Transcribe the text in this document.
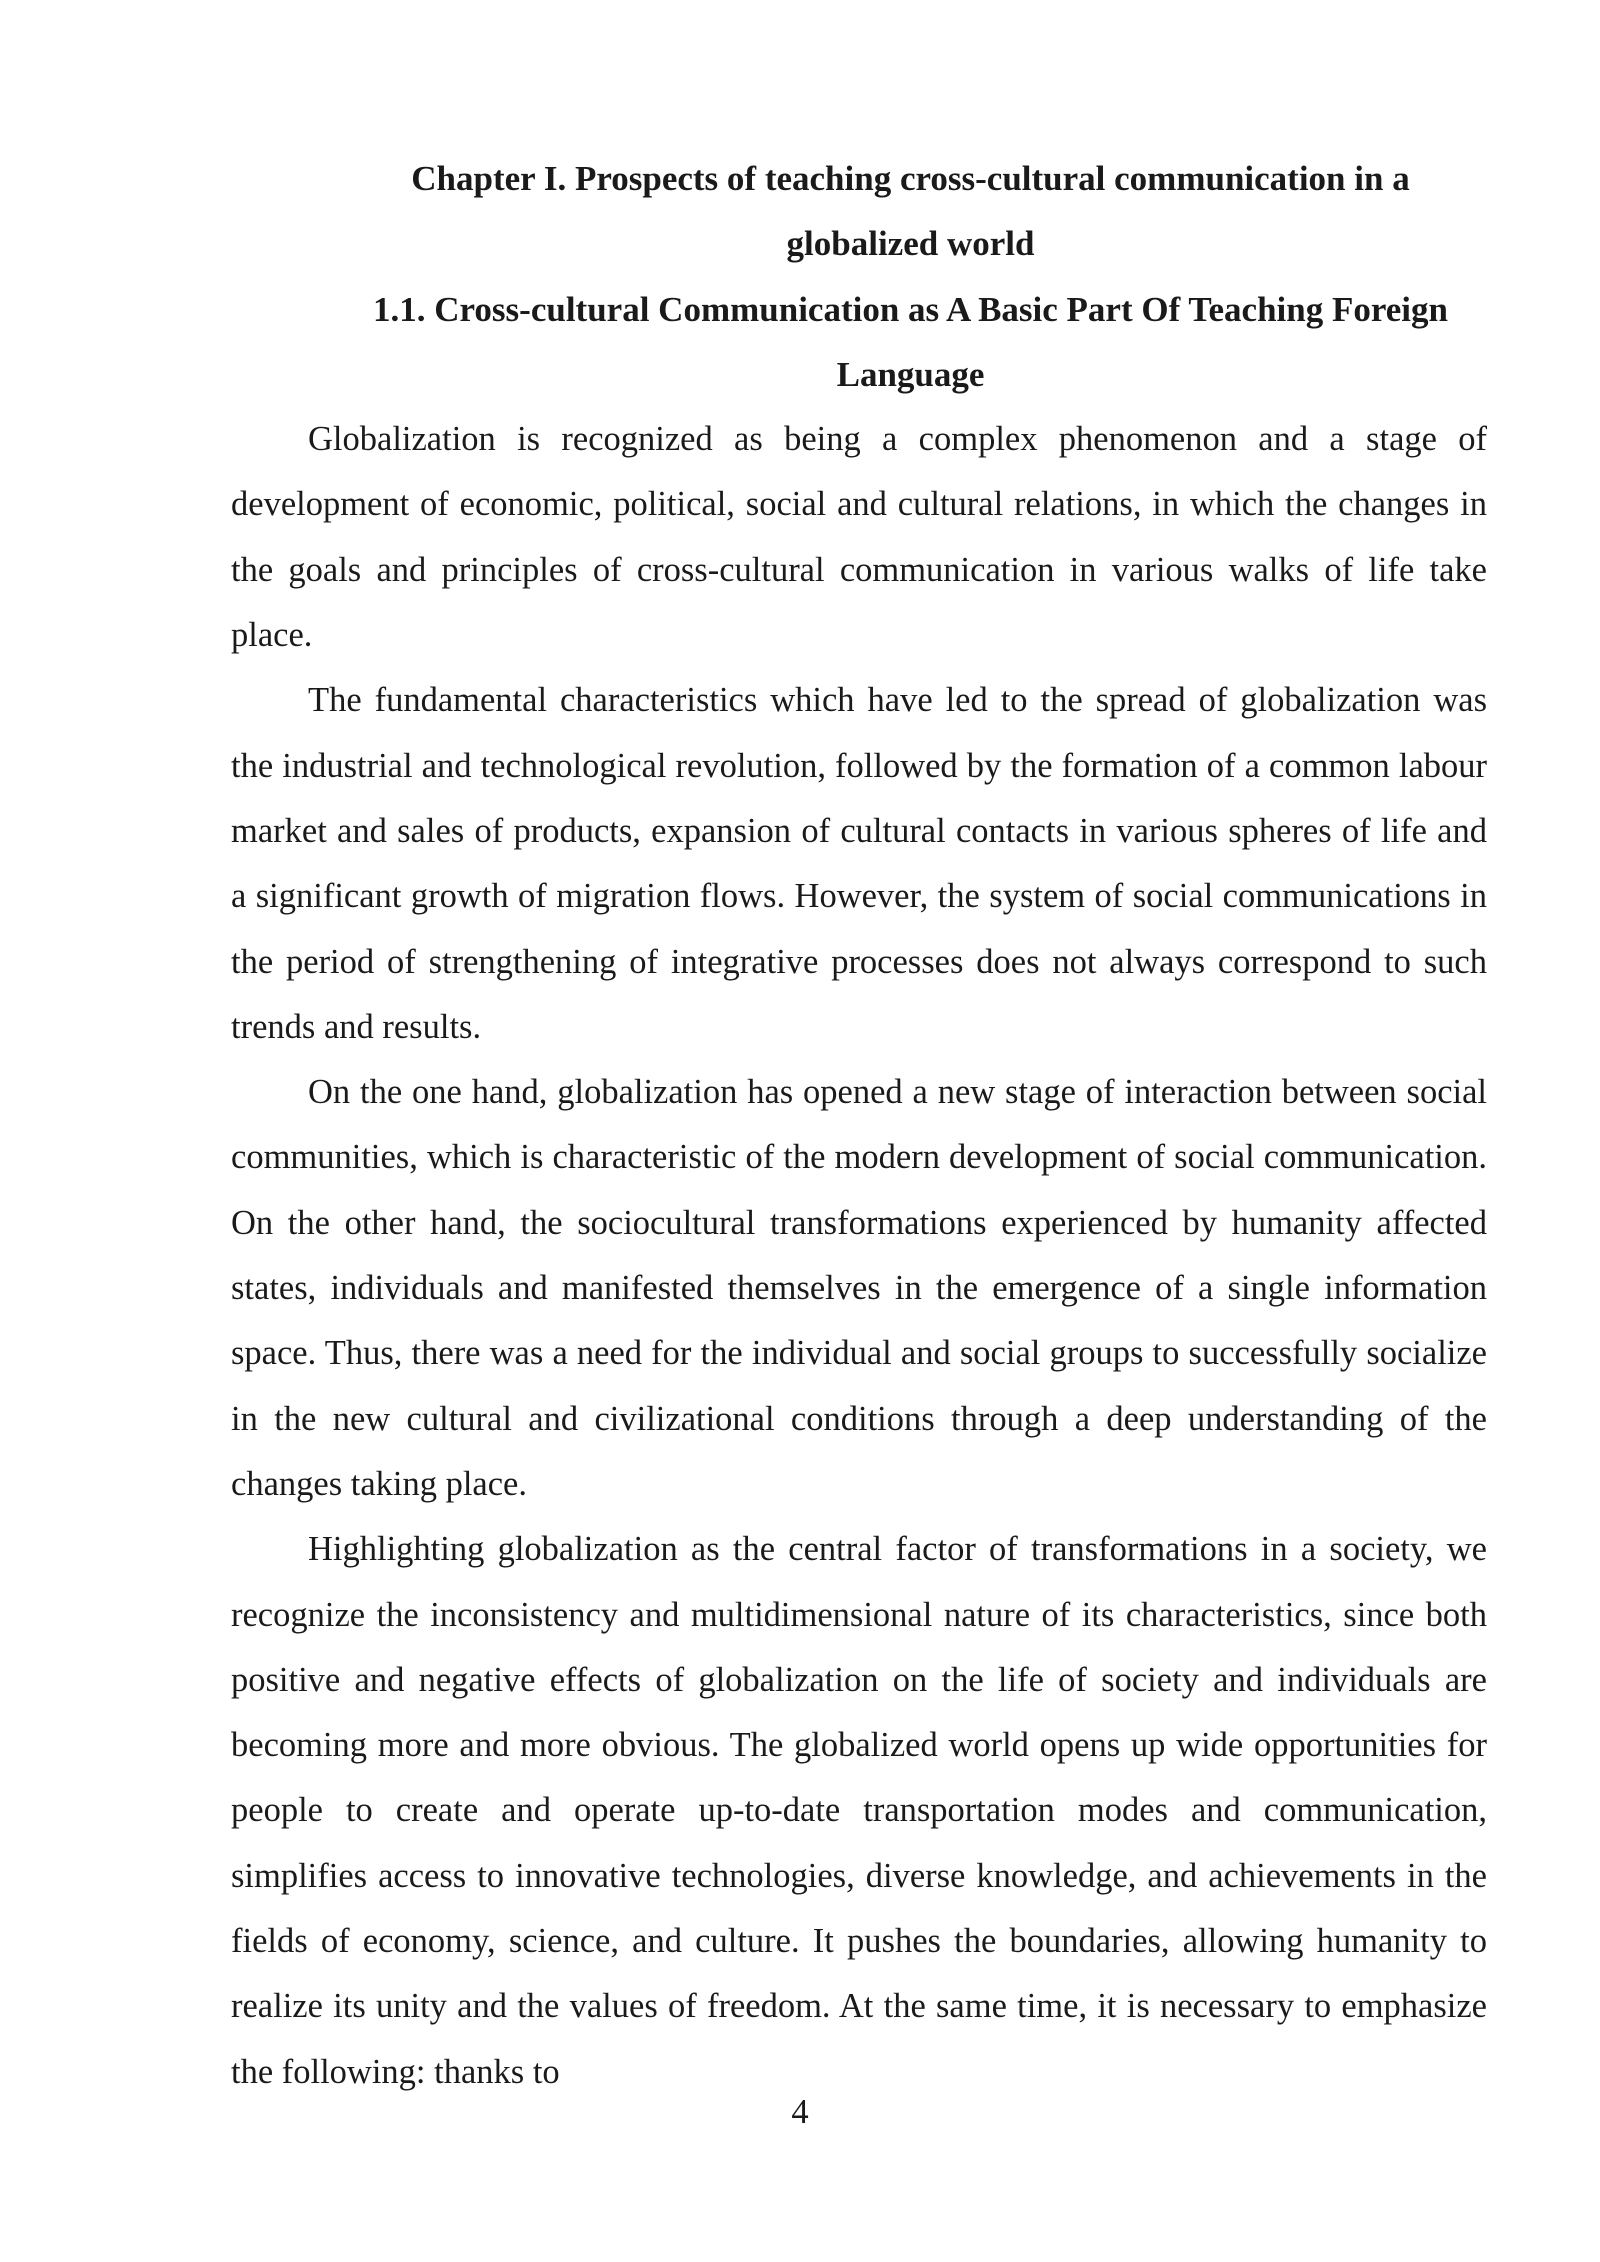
Chapter I. Prospects of teaching cross-cultural communication in a globalized world
1.1. Cross-cultural Communication as A Basic Part Of Teaching Foreign Language

Globalization is recognized as being a complex phenomenon and a stage of development of economic, political, social and cultural relations, in which the changes in the goals and principles of cross-cultural communication in various walks of life take place.

The fundamental characteristics which have led to the spread of globalization was the industrial and technological revolution, followed by the formation of a common labour market and sales of products, expansion of cultural contacts in various spheres of life and a significant growth of migration flows. However, the system of social communications in the period of strengthening of integrative processes does not always correspond to such trends and results.

On the one hand, globalization has opened a new stage of interaction between social communities, which is characteristic of the modern development of social communication. On the other hand, the sociocultural transformations experienced by humanity affected states, individuals and manifested themselves in the emergence of a single information space. Thus, there was a need for the individual and social groups to successfully socialize in the new cultural and civilizational conditions through a deep understanding of the changes taking place.

Highlighting globalization as the central factor of transformations in a society, we recognize the inconsistency and multidimensional nature of its characteristics, since both positive and negative effects of globalization on the life of society and individuals are becoming more and more obvious. The globalized world opens up wide opportunities for people to create and operate up-to-date transportation modes and communication, simplifies access to innovative technologies, diverse knowledge, and achievements in the fields of economy, science, and culture. It pushes the boundaries, allowing humanity to realize its unity and the values of freedom. At the same time, it is necessary to emphasize the following: thanks to

4
